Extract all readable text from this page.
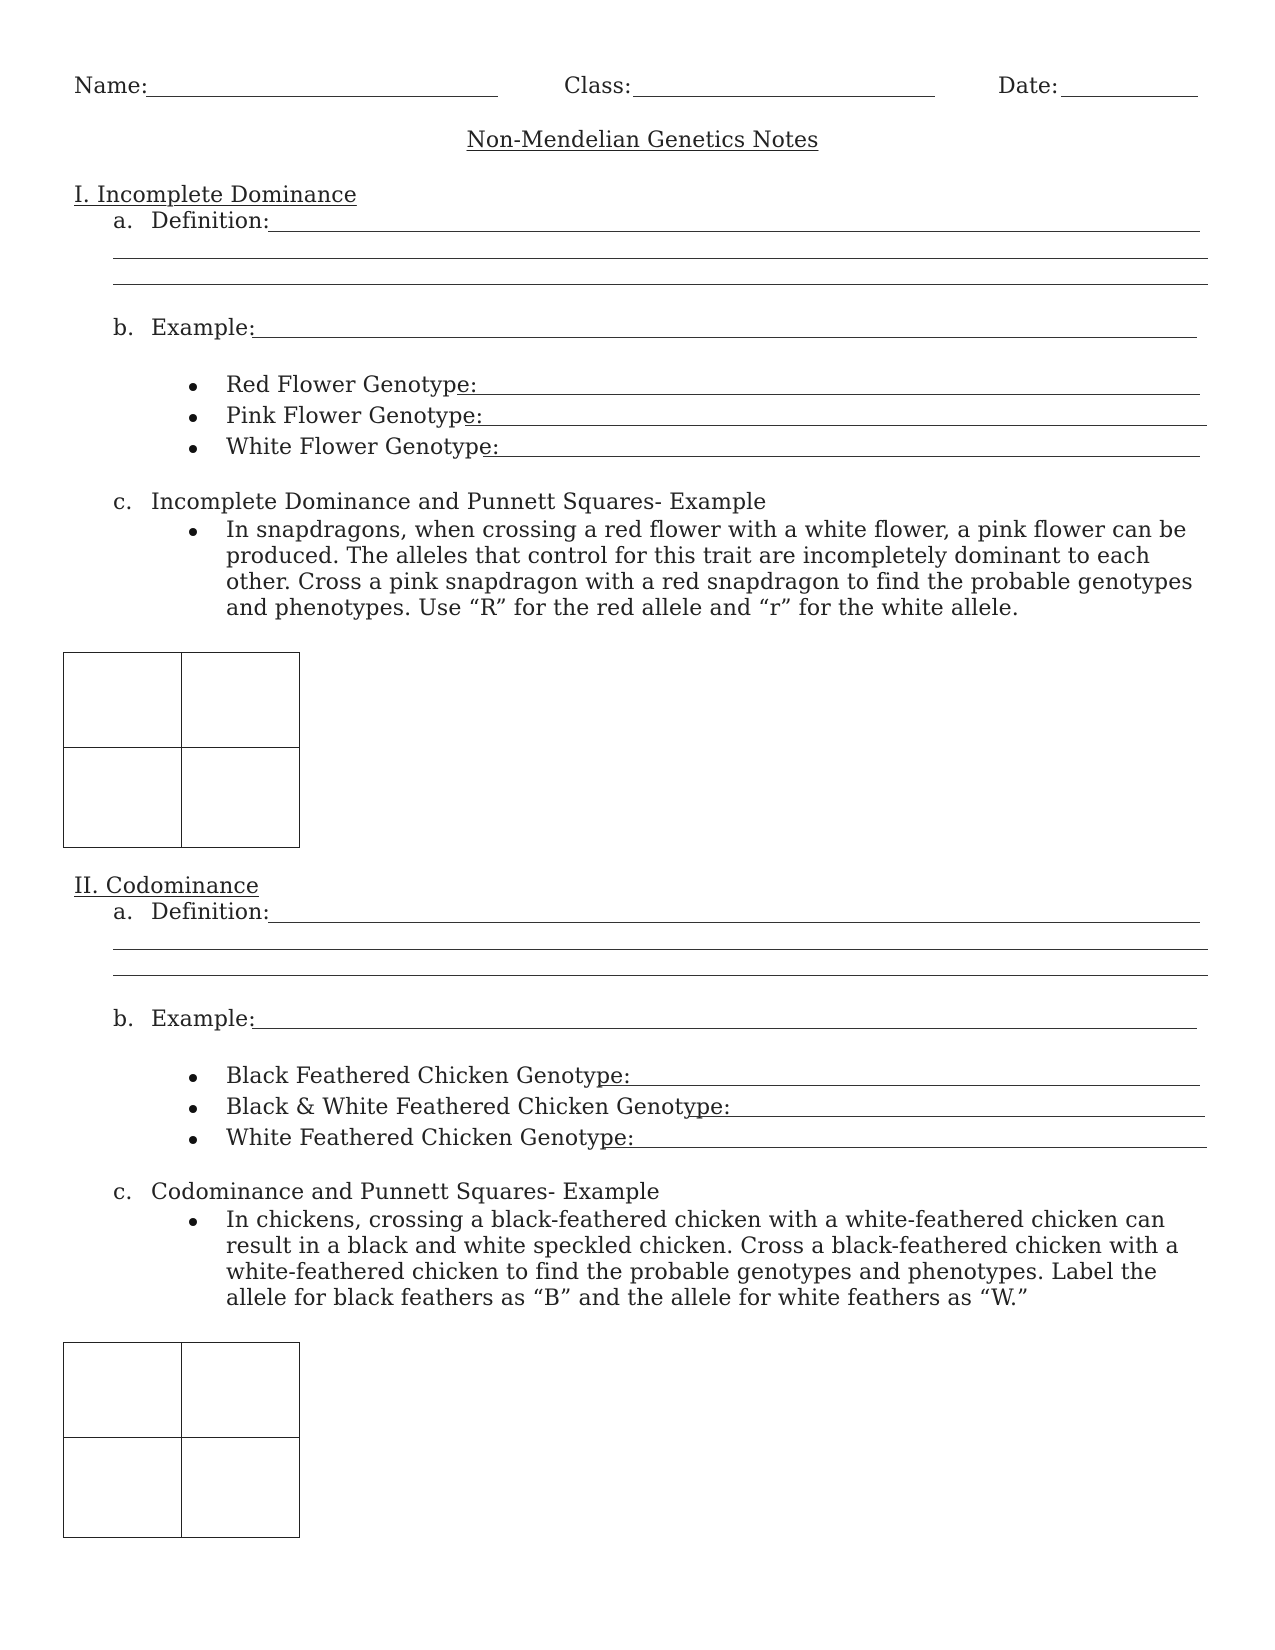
Name:	Class:	Date:
Non-Mendelian Genetics Notes
I. Incomplete Dominance
a. Definition:
b. Example:
Red Flower Genotype:
Pink Flower Genotype:
White Flower Genotype:
c. Incomplete Dominance and Punnett Squares- Example
In snapdragons, when crossing a red flower with a white flower, a pink flower can be produced. The alleles that control for this trait are incompletely dominant to each other. Cross a pink snapdragon with a red snapdragon to find the probable genotypes and phenotypes. Use “R” for the red allele and “r” for the white allele.
II. Codominance
a. Definition:
b. Example:
Black Feathered Chicken Genotype:
Black & White Feathered Chicken Genotype:
White Feathered Chicken Genotype:
c. Codominance and Punnett Squares- Example
In chickens, crossing a black-feathered chicken with a white-feathered chicken can result in a black and white speckled chicken. Cross a black-feathered chicken with a white-feathered chicken to find the probable genotypes and phenotypes. Label the allele for black feathers as “B” and the allele for white feathers as “W.”
